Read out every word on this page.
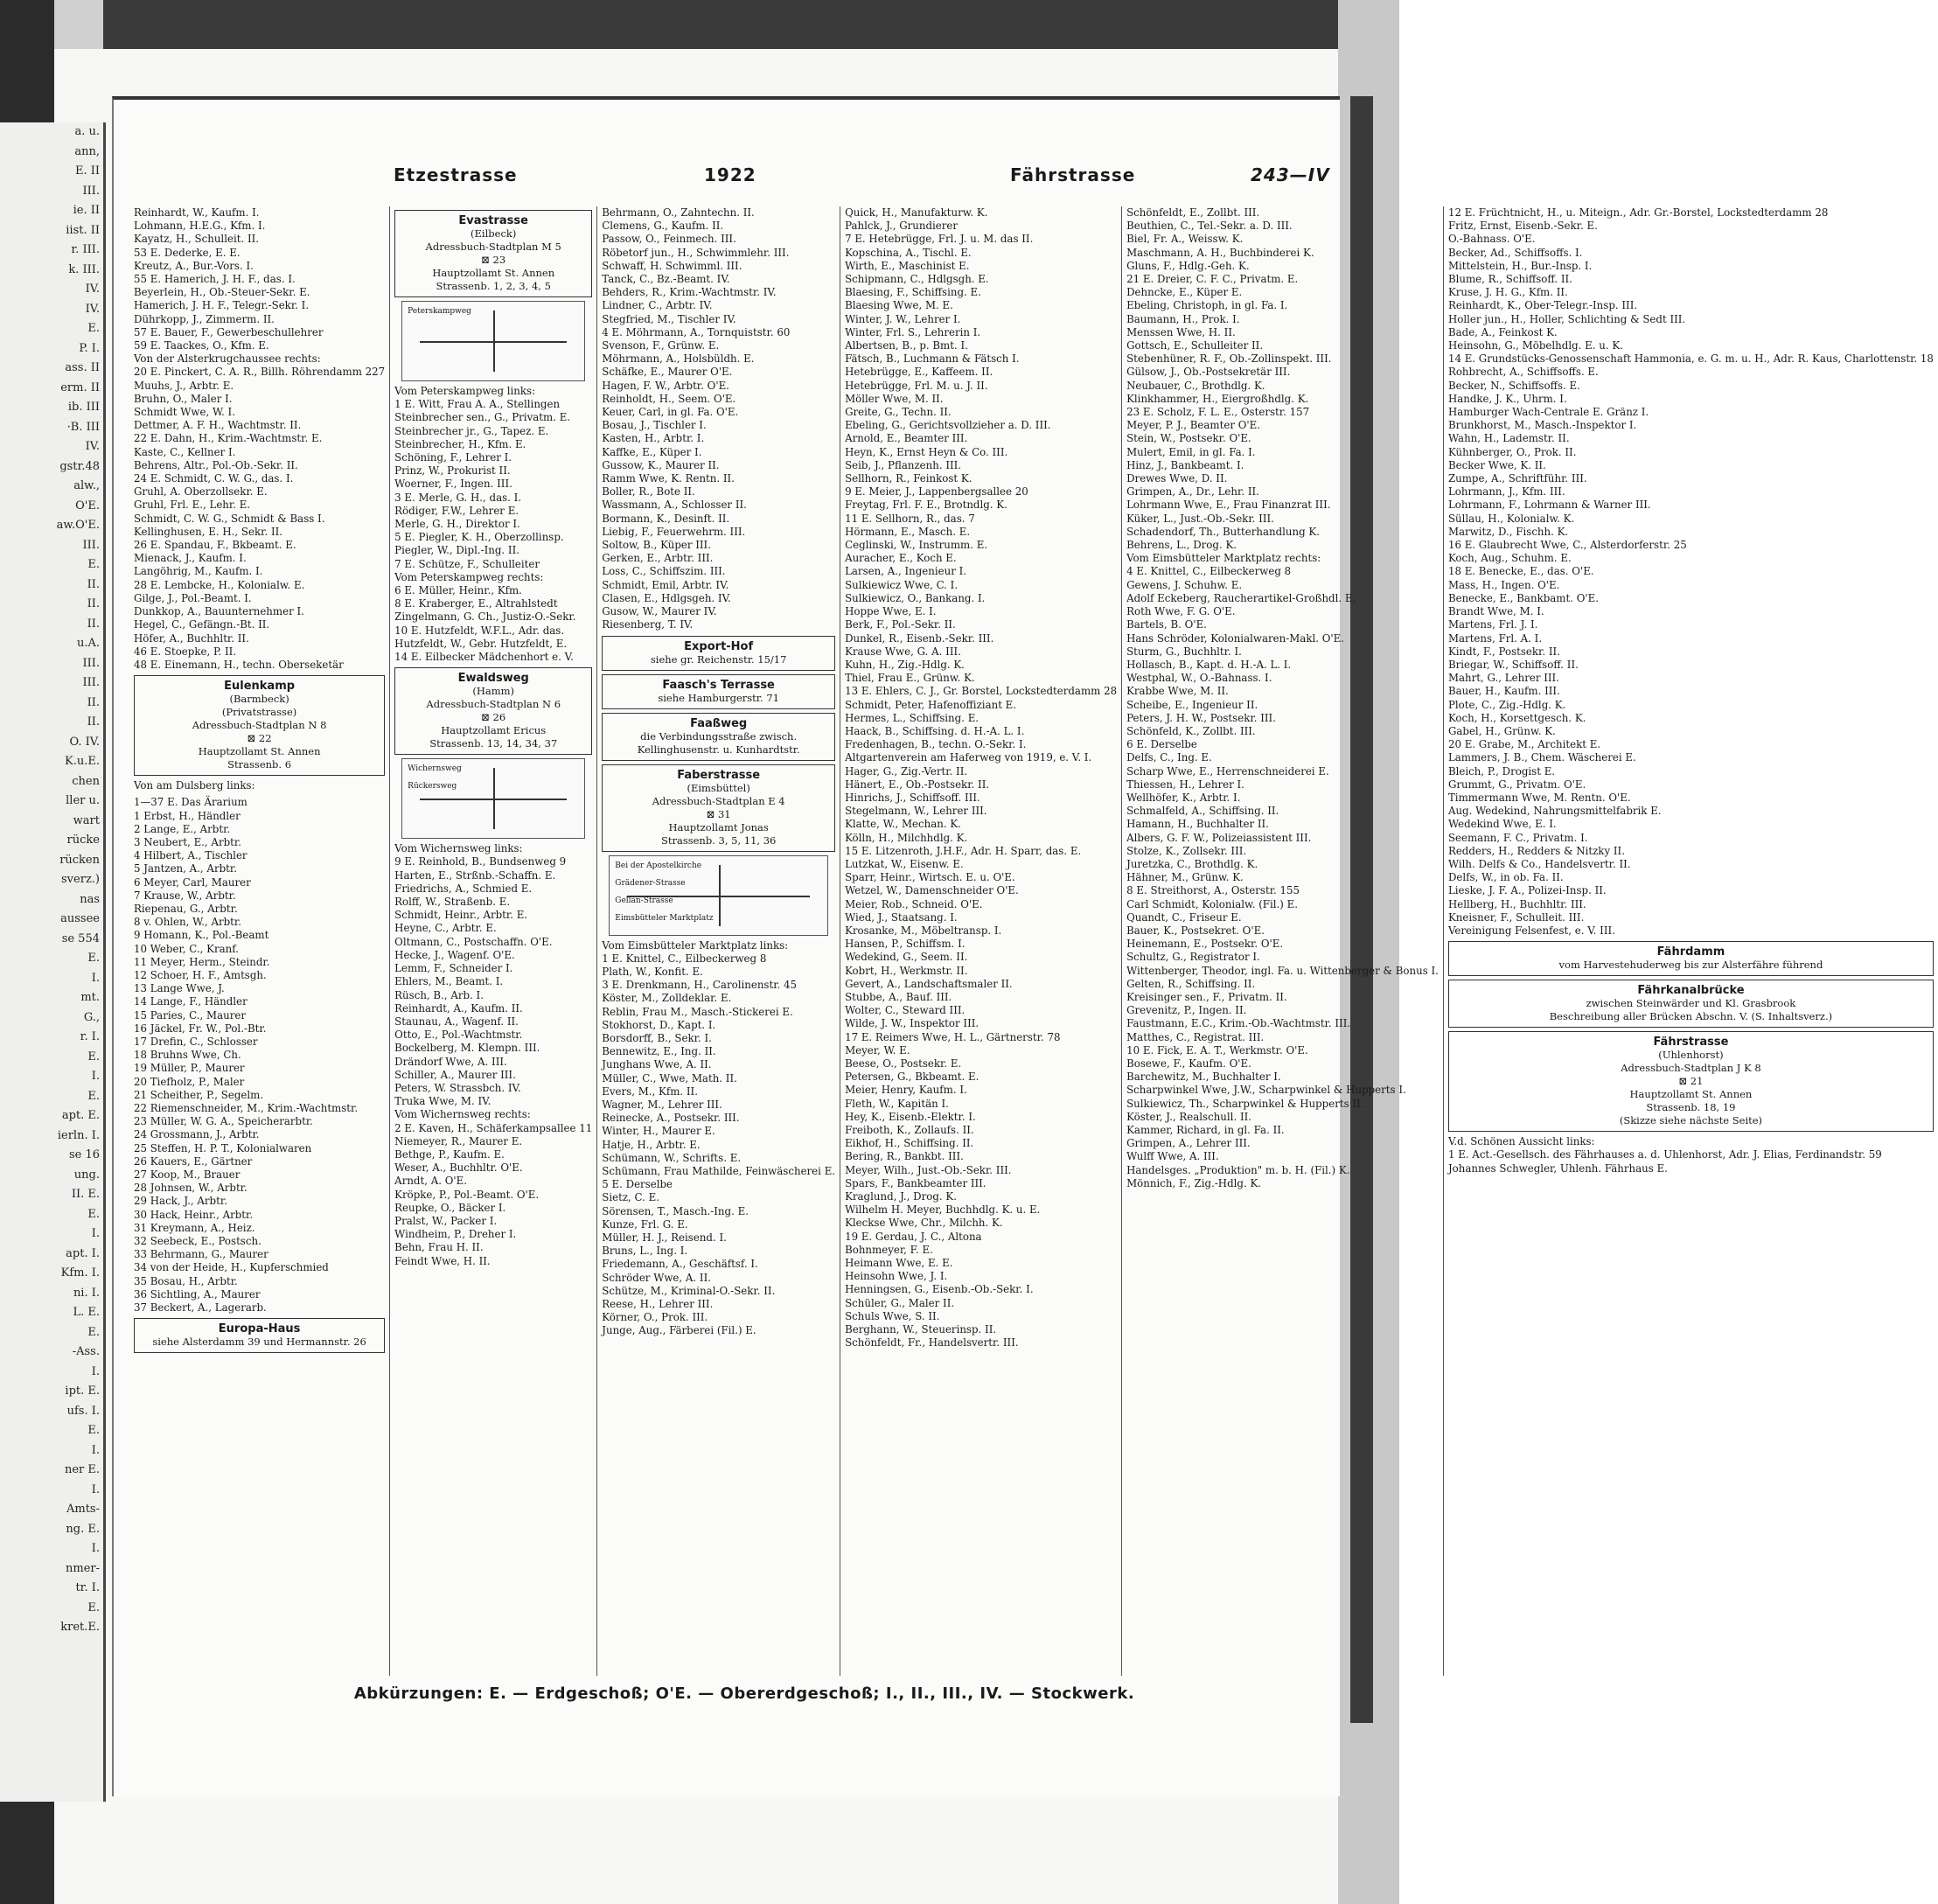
a. u.
ann,
E. II
III.
ie. II
iist. II
r. III.
k. III.
IV.
IV.
E.
P. I.
ass. II
erm. II
ib. III
·B. III
IV.
gstr.48
alw.,
O'E.
aw.O'E.
III.
E.
II.
II.
II.
u.A.
III.
III.
II.
II.
O. IV.
K.u.E.
chen
ller u.
wart
rücke
rücken
sverz.)
nas
aussee
se 554
E.
I.
mt.
G.,
r. I.
E.
I.
E.
apt. E.
ierln. I.
se 16
ung.
II. E.
E.
I.
apt. I.
Kfm. I.
ni. I.
L. E.
E.
-Ass.
I.
ipt. E.
ufs. I.
E.
I.
ner E.
I.
Amts-
ng. E.
I.
nmer-
tr. I.
E.
kret.E.
Etzestrasse	1922	Fährstrasse	243—IV
Reinhardt, W., Kaufm. I.
Lohmann, H.E.G., Kfm. I.
Kayatz, H., Schulleit. II.
53 E. Dederke, E. E.
Kreutz, A., Bur.-Vors. I.
55 E. Hamerich, J. H. F., das. I.
Beyerlein, H., Ob.-Steuer-Sekr. E.
Hamerich, J. H. F., Telegr.-Sekr. I.
Dührkopp, J., Zimmerm. II.
57 E. Bauer, F., Gewerbeschullehrer
59 E. Taackes, O., Kfm. E.
Von der Alsterkrugchaussee rechts:
20 E. Pinckert, C. A. R., Billh. Röhrendamm 227
Muuhs, J., Arbtr. E.
Bruhn, O., Maler I.
Schmidt Wwe, W. I.
Dettmer, A. F. H., Wachtmstr. II.
22 E. Dahn, H., Krim.-Wachtmstr. E.
Kaste, C., Kellner I.
Behrens, Altr., Pol.-Ob.-Sekr. II.
24 E. Schmidt, C. W. G., das. I.
Gruhl, A. Oberzollsekr. E.
Gruhl, Frl. E., Lehr. E.
Schmidt, C. W. G., Schmidt & Bass I.
Kellinghusen, E. H., Sekr. II.
26 E. Spandau, F., Bkbeamt. E.
Mienack, J., Kaufm. I.
Langöhrig, M., Kaufm. I.
28 E. Lembcke, H., Kolonialw. E.
Gilge, J., Pol.-Beamt. I.
Dunkkop, A., Bauunternehmer I.
Hegel, C., Gefängn.-Bt. II.
Höfer, A., Buchhltr. II.
46 E. Stoepke, P. II.
48 E. Einemann, H., techn. Oberseketär
Eulenkamp
(Barmbeck)
(Privatstrasse)
Adressbuch-Stadtplan N 8
⊠ 22
Hauptzollamt St. Annen
Strassenb. 6
Von am Dulsberg links:
1—37 E. Das Ärarium
1 Erbst, H., Händler
2 Lange, E., Arbtr.
3 Neubert, E., Arbtr.
4 Hilbert, A., Tischler
5 Jantzen, A., Arbtr.
6 Meyer, Carl, Maurer
7 Krause, W., Arbtr.
Riepenau, G., Arbtr.
8 v. Ohlen, W., Arbtr.
9 Homann, K., Pol.-Beamt
10 Weber, C., Kranf.
11 Meyer, Herm., Steindr.
12 Schoer, H. F., Amtsgh.
13 Lange Wwe, J.
14 Lange, F., Händler
15 Paries, C., Maurer
16 Jäckel, Fr. W., Pol.-Btr.
17 Drefin, C., Schlosser
18 Bruhns Wwe, Ch.
19 Müller, P., Maurer
20 Tiefholz, P., Maler
21 Scheither, P., Segelm.
22 Riemenschneider, M., Krim.-Wachtmstr.
23 Müller, W. G. A., Speicherarbtr.
24 Grossmann, J., Arbtr.
25 Steffen, H. P. T., Kolonialwaren
26 Kauers, E., Gärtner
27 Koop, M., Brauer
28 Johnsen, W., Arbtr.
29 Hack, J., Arbtr.
30 Hack, Heinr., Arbtr.
31 Kreymann, A., Heiz.
32 Seebeck, E., Postsch.
33 Behrmann, G., Maurer
34 von der Heide, H., Kupferschmied
35 Bosau, H., Arbtr.
36 Sichtling, A., Maurer
37 Beckert, A., Lagerarb.
Europa-Haus
siehe Alsterdamm 39 und Hermannstr. 26
Evastrasse
(Eilbeck)
Adressbuch-Stadtplan M 5
⊠ 23
Hauptzollamt St. Annen
Strassenb. 1, 2, 3, 4, 5
Peterskampweg
Vom Peterskampweg links:
1 E. Witt, Frau A. A., Stellingen
Steinbrecher sen., G., Privatm. E.
Steinbrecher jr., G., Tapez. E.
Steinbrecher, H., Kfm. E.
Schöning, F., Lehrer I.
Prinz, W., Prokurist II.
Woerner, F., Ingen. III.
3 E. Merle, G. H., das. I.
Rödiger, F.W., Lehrer E.
Merle, G. H., Direktor I.
5 E. Piegler, K. H., Oberzollinsp.
Piegler, W., Dipl.-Ing. II.
7 E. Schütze, F., Schulleiter
Vom Peterskampweg rechts:
6 E. Müller, Heinr., Kfm.
8 E. Kraberger, E., Altrahlstedt
Zingelmann, G. Ch., Justiz-O.-Sekr.
10 E. Hutzfeldt, W.F.L., Adr. das.
Hutzfeldt, W., Gebr. Hutzfeldt, E.
14 E. Eilbecker Mädchenhort e. V.
Ewaldsweg
(Hamm)
Adressbuch-Stadtplan N 6
⊠ 26
Hauptzollamt Ericus
Strassenb. 13, 14, 34, 37
Wichernsweg
Rückersweg
Vom Wichernsweg links:
9 E. Reinhold, B., Bundsenweg 9
Harten, E., Strßnb.-Schaffn. E.
Friedrichs, A., Schmied E.
Rolff, W., Straßenb. E.
Schmidt, Heinr., Arbtr. E.
Heyne, C., Arbtr. E.
Oltmann, C., Postschaffn. O'E.
Hecke, J., Wagenf. O'E.
Lemm, F., Schneider I.
Ehlers, M., Beamt. I.
Rüsch, B., Arb. I.
Reinhardt, A., Kaufm. II.
Staunau, A., Wagenf. II.
Otto, E., Pol.-Wachtmstr.
Bockelberg, M. Klempn. III.
Drändorf Wwe, A. III.
Schiller, A., Maurer III.
Peters, W. Strassbch. IV.
Truka Wwe, M. IV.
Vom Wichernsweg rechts:
2 E. Kaven, H., Schäferkampsallee 11
Niemeyer, R., Maurer E.
Bethge, P., Kaufm. E.
Weser, A., Buchhltr. O'E.
Arndt, A. O'E.
Kröpke, P., Pol.-Beamt. O'E.
Reupke, O., Bäcker I.
Pralst, W., Packer I.
Windheim, P., Dreher I.
Behn, Frau H. II.
Feindt Wwe, H. II.
Behrmann, O., Zahntechn. II.
Clemens, G., Kaufm. II.
Passow, O., Feinmech. III.
Röbetorf jun., H., Schwimmlehr. III.
Schwaff, H. Schwimml. III.
Tanck, C., Bz.-Beamt. IV.
Behders, R., Krim.-Wachtmstr. IV.
Lindner, C., Arbtr. IV.
Stegfried, M., Tischler IV.
4 E. Möhrmann, A., Tornquiststr. 60
Svenson, F., Grünw. E.
Möhrmann, A., Holsbüldh. E.
Schäfke, E., Maurer O'E.
Hagen, F. W., Arbtr. O'E.
Reinholdt, H., Seem. O'E.
Keuer, Carl, in gl. Fa. O'E.
Bosau, J., Tischler I.
Kasten, H., Arbtr. I.
Kaffke, E., Küper I.
Gussow, K., Maurer II.
Ramm Wwe, K. Rentn. II.
Boller, R., Bote II.
Wassmann, A., Schlosser II.
Bormann, K., Desinft. II.
Liebig, F., Feuerwehrm. III.
Soltow, B., Küper III.
Gerken, E., Arbtr. III.
Loss, C., Schiffszim. III.
Schmidt, Emil, Arbtr. IV.
Clasen, E., Hdlgsgeh. IV.
Gusow, W., Maurer IV.
Riesenberg, T. IV.
Export-Hof
siehe gr. Reichenstr. 15/17
Faasch's Terrasse
siehe Hamburgerstr. 71
Faaßweg
die Verbindungsstraße zwisch. Kellinghusenstr. u. Kunhardtstr.
Faberstrasse
(Eimsbüttel)
Adressbuch-Stadtplan E 4
⊠ 31
Hauptzollamt Jonas
Strassenb. 3, 5, 11, 36
Bei der Apostelkirche
Grädener-Strasse
Gellan-Strasse
Eimsbütteler Marktplatz
Vom Eimsbütteler Marktplatz links:
1 E. Knittel, C., Eilbeckerweg 8
Plath, W., Konfit. E.
3 E. Drenkmann, H., Carolinenstr. 45
Köster, M., Zolldeklar. E.
Reblin, Frau M., Masch.-Stickerei E.
Stokhorst, D., Kapt. I.
Borsdorff, B., Sekr. I.
Bennewitz, E., Ing. II.
Junghans Wwe, A. II.
Müller, C., Wwe, Math. II.
Evers, M., Kfm. II.
Wagner, M., Lehrer III.
Reinecke, A., Postsekr. III.
Winter, H., Maurer E.
Hatje, H., Arbtr. E.
Schümann, W., Schrifts. E.
Schümann, Frau Mathilde, Feinwäscherei E.
5 E. Derselbe
Sietz, C. E.
Sörensen, T., Masch.-Ing. E.
Kunze, Frl. G. E.
Müller, H. J., Reisend. I.
Bruns, L., Ing. I.
Friedemann, A., Geschäftsf. I.
Schröder Wwe, A. II.
Schütze, M., Kriminal-O.-Sekr. II.
Reese, H., Lehrer III.
Körner, O., Prok. III.
Junge, Aug., Färberei (Fil.) E.
Quick, H., Manufakturw. K.
Pahlck, J., Grundierer
7 E. Hetebrügge, Frl. J. u. M. das II.
Kopschina, A., Tischl. E.
Wirth, E., Maschinist E.
Schipmann, C., Hdlgsgh. E.
Blaesing, F., Schiffsing. E.
Blaesing Wwe, M. E.
Winter, J. W., Lehrer I.
Winter, Frl. S., Lehrerin I.
Albertsen, B., p. Bmt. I.
Fätsch, B., Luchmann & Fätsch I.
Hetebrügge, E., Kaffeem. II.
Hetebrügge, Frl. M. u. J. II.
Möller Wwe, M. II.
Greite, G., Techn. II.
Ebeling, G., Gerichtsvollzieher a. D. III.
Arnold, E., Beamter III.
Heyn, K., Ernst Heyn & Co. III.
Seib, J., Pflanzenh. III.
Sellhorn, R., Feinkost K.
9 E. Meier, J., Lappenbergsallee 20
Freytag, Frl. F. E., Brotndlg. K.
11 E. Sellhorn, R., das. 7
Hörmann, E., Masch. E.
Ceglinski, W., Instrumm. E.
Auracher, E., Koch E.
Larsen, A., Ingenieur I.
Sulkiewicz Wwe, C. I.
Sulkiewicz, O., Bankang. I.
Hoppe Wwe, E. I.
Berk, F., Pol.-Sekr. II.
Dunkel, R., Eisenb.-Sekr. III.
Krause Wwe, G. A. III.
Kuhn, H., Zig.-Hdlg. K.
Thiel, Frau E., Grünw. K.
13 E. Ehlers, C. J., Gr. Borstel, Lockstedterdamm 28
Schmidt, Peter, Hafenoffiziant E.
Hermes, L., Schiffsing. E.
Haack, B., Schiffsing. d. H.-A. L. I.
Fredenhagen, B., techn. O.-Sekr. I.
Altgartenverein am Haferweg von 1919, e. V. I.
Hager, G., Zig.-Vertr. II.
Hänert, E., Ob.-Postsekr. II.
Hinrichs, J., Schiffsoff. III.
Stegelmann, W., Lehrer III.
Klatte, W., Mechan. K.
Kölln, H., Milchhdlg. K.
15 E. Litzenroth, J.H.F., Adr. H. Sparr, das. E.
Lutzkat, W., Eisenw. E.
Sparr, Heinr., Wirtsch. E. u. O'E.
Wetzel, W., Damenschneider O'E.
Meier, Rob., Schneid. O'E.
Wied, J., Staatsang. I.
Krosanke, M., Möbeltransp. I.
Hansen, P., Schiffsm. I.
Wedekind, G., Seem. II.
Kobrt, H., Werkmstr. II.
Gevert, A., Landschaftsmaler II.
Stubbe, A., Bauf. III.
Wolter, C., Steward III.
Wilde, J. W., Inspektor III.
17 E. Reimers Wwe, H. L., Gärtnerstr. 78
Meyer, W. E.
Beese, O., Postsekr. E.
Petersen, G., Bkbeamt. E.
Meier, Henry, Kaufm. I.
Fleth, W., Kapitän I.
Hey, K., Eisenb.-Elektr. I.
Freiboth, K., Zollaufs. II.
Eikhof, H., Schiffsing. II.
Bering, R., Bankbt. III.
Meyer, Wilh., Just.-Ob.-Sekr. III.
Spars, F., Bankbeamter III.
Kraglund, J., Drog. K.
Wilhelm H. Meyer, Buchhdlg. K. u. E.
Kleckse Wwe, Chr., Milchh. K.
19 E. Gerdau, J. C., Altona
Bohnmeyer, F. E.
Heimann Wwe, E. E.
Heinsohn Wwe, J. I.
Henningsen, G., Eisenb.-Ob.-Sekr. I.
Schüler, G., Maler II.
Schuls Wwe, S. II.
Berghann, W., Steuerinsp. II.
Schönfeldt, Fr., Handelsvertr. III.
Schönfeldt, E., Zollbt. III.
Beuthien, C., Tel.-Sekr. a. D. III.
Biel, Fr. A., Weissw. K.
Maschmann, A. H., Buchbinderei K.
Gluns, F., Hdlg.-Geh. K.
21 E. Dreier, C. F. C., Privatm. E.
Dehncke, E., Küper E.
Ebeling, Christoph, in gl. Fa. I.
Baumann, H., Prok. I.
Menssen Wwe, H. II.
Gottsch, E., Schulleiter II.
Stebenhüner, R. F., Ob.-Zollinspekt. III.
Gülsow, J., Ob.-Postsekretär III.
Neubauer, C., Brothdlg. K.
Klinkhammer, H., Eiergroßhdlg. K.
23 E. Scholz, F. L. E., Osterstr. 157
Meyer, P. J., Beamter O'E.
Stein, W., Postsekr. O'E.
Mulert, Emil, in gl. Fa. I.
Hinz, J., Bankbeamt. I.
Drewes Wwe, D. II.
Grimpen, A., Dr., Lehr. II.
Lohrmann Wwe, E., Frau Finanzrat III.
Küker, L., Just.-Ob.-Sekr. III.
Schadendorf, Th., Butterhandlung K.
Behrens, L., Drog. K.
Vom Eimsbütteler Marktplatz rechts:
4 E. Knittel, C., Eilbeckerweg 8
Gewens, J. Schuhw. E.
Adolf Eckeberg, Raucherartikel-Großhdl. E.
Roth Wwe, F. G. O'E.
Bartels, B. O'E.
Hans Schröder, Kolonialwaren-Makl. O'E.
Sturm, G., Buchhltr. I.
Hollasch, B., Kapt. d. H.-A. L. I.
Westphal, W., O.-Bahnass. I.
Krabbe Wwe, M. II.
Scheibe, E., Ingenieur II.
Peters, J. H. W., Postsekr. III.
Schönfeld, K., Zollbt. III.
6 E. Derselbe
Delfs, C., Ing. E.
Scharp Wwe, E., Herrenschneiderei E.
Thiessen, H., Lehrer I.
Wellhöfer, K., Arbtr. I.
Schmalfeld, A., Schiffsing. II.
Hamann, H., Buchhalter II.
Albers, G. F. W., Polizeiassistent III.
Stolze, K., Zollsekr. III.
Juretzka, C., Brothdlg. K.
Hähner, M., Grünw. K.
8 E. Streithorst, A., Osterstr. 155
Carl Schmidt, Kolonialw. (Fil.) E.
Quandt, C., Friseur E.
Bauer, K., Postsekret. O'E.
Heinemann, E., Postsekr. O'E.
Schultz, G., Registrator I.
Wittenberger, Theodor, ingl. Fa. u. Wittenberger & Bonus I.
Gelten, R., Schiffsing. II.
Kreisinger sen., F., Privatm. II.
Grevenitz, P., Ingen. II.
Faustmann, E.C., Krim.-Ob.-Wachtmstr. III.
Matthes, C., Registrat. III.
10 E. Fick, E. A. T., Werkmstr. O'E.
Bosewe, F., Kaufm. O'E.
Barchewitz, M., Buchhalter I.
Scharpwinkel Wwe, J.W., Scharpwinkel & Hupperts I.
Sulkiewicz, Th., Scharpwinkel & Hupperts II.
Köster, J., Realschull. II.
Kammer, Richard, in gl. Fa. II.
Grimpen, A., Lehrer III.
Wulff Wwe, A. III.
Handelsges. „Produktion" m. b. H. (Fil.) K.
Mönnich, F., Zig.-Hdlg. K.
12 E. Früchtnicht, H., u. Miteign., Adr. Gr.-Borstel, Lockstedterdamm 28
Fritz, Ernst, Eisenb.-Sekr. E.
O.-Bahnass. O'E.
Becker, Ad., Schiffsoffs. I.
Mittelstein, H., Bur.-Insp. I.
Blume, R., Schiffsoff. II.
Kruse, J. H. G., Kfm. II.
Reinhardt, K., Ober-Telegr.-Insp. III.
Holler jun., H., Holler, Schlichting & Sedt III.
Bade, A., Feinkost K.
Heinsohn, G., Möbelhdlg. E. u. K.
14 E. Grundstücks-Genossenschaft Hammonia, e. G. m. u. H., Adr. R. Kaus, Charlottenstr. 18
Rohbrecht, A., Schiffsoffs. E.
Becker, N., Schiffsoffs. E.
Handke, J. K., Uhrm. I.
Hamburger Wach-Centrale E. Gränz I.
Brunkhorst, M., Masch.-Inspektor I.
Wahn, H., Lademstr. II.
Kühnberger, O., Prok. II.
Becker Wwe, K. II.
Zumpe, A., Schriftführ. III.
Lohrmann, J., Kfm. III.
Lohrmann, F., Lohrmann & Warner III.
Süllau, H., Kolonialw. K.
Marwitz, D., Fischh. K.
16 E. Glaubrecht Wwe, C., Alsterdorferstr. 25
Koch, Aug., Schuhm. E.
18 E. Benecke, E., das. O'E.
Mass, H., Ingen. O'E.
Benecke, E., Bankbamt. O'E.
Brandt Wwe, M. I.
Martens, Frl. J. I.
Martens, Frl. A. I.
Kindt, F., Postsekr. II.
Briegar, W., Schiffsoff. II.
Mahrt, G., Lehrer III.
Bauer, H., Kaufm. III.
Plote, C., Zig.-Hdlg. K.
Koch, H., Korsettgesch. K.
Gabel, H., Grünw. K.
20 E. Grabe, M., Architekt E.
Lammers, J. B., Chem. Wäscherei E.
Bleich, P., Drogist E.
Grummt, G., Privatm. O'E.
Timmermann Wwe, M. Rentn. O'E.
Aug. Wedekind, Nahrungsmittelfabrik E.
Wedekind Wwe, E. I.
Seemann, F. C., Privatm. I.
Redders, H., Redders & Nitzky II.
Wilh. Delfs & Co., Handelsvertr. II.
Delfs, W., in ob. Fa. II.
Lieske, J. F. A., Polizei-Insp. II.
Hellberg, H., Buchhltr. III.
Kneisner, F., Schulleit. III.
Vereinigung Felsenfest, e. V. III.
Fährdamm
vom Harvestehuderweg bis zur Alsterfähre führend
Fährkanalbrücke
zwischen Steinwärder und Kl. Grasbrook
Beschreibung aller Brücken Abschn. V. (S. Inhaltsverz.)
Fährstrasse
(Uhlenhorst)
Adressbuch-Stadtplan J K 8
⊠ 21
Hauptzollamt St. Annen
Strassenb. 18, 19
(Skizze siehe nächste Seite)
V.d. Schönen Aussicht links:
1 E. Act.-Gesellsch. des Fährhauses a. d. Uhlenhorst, Adr. J. Elias, Ferdinandstr. 59
Johannes Schwegler, Uhlenh. Fährhaus E.
Abkürzungen: E. — Erdgeschoß; O'E. — Obererdgeschoß; I., II., III., IV. — Stockwerk.
